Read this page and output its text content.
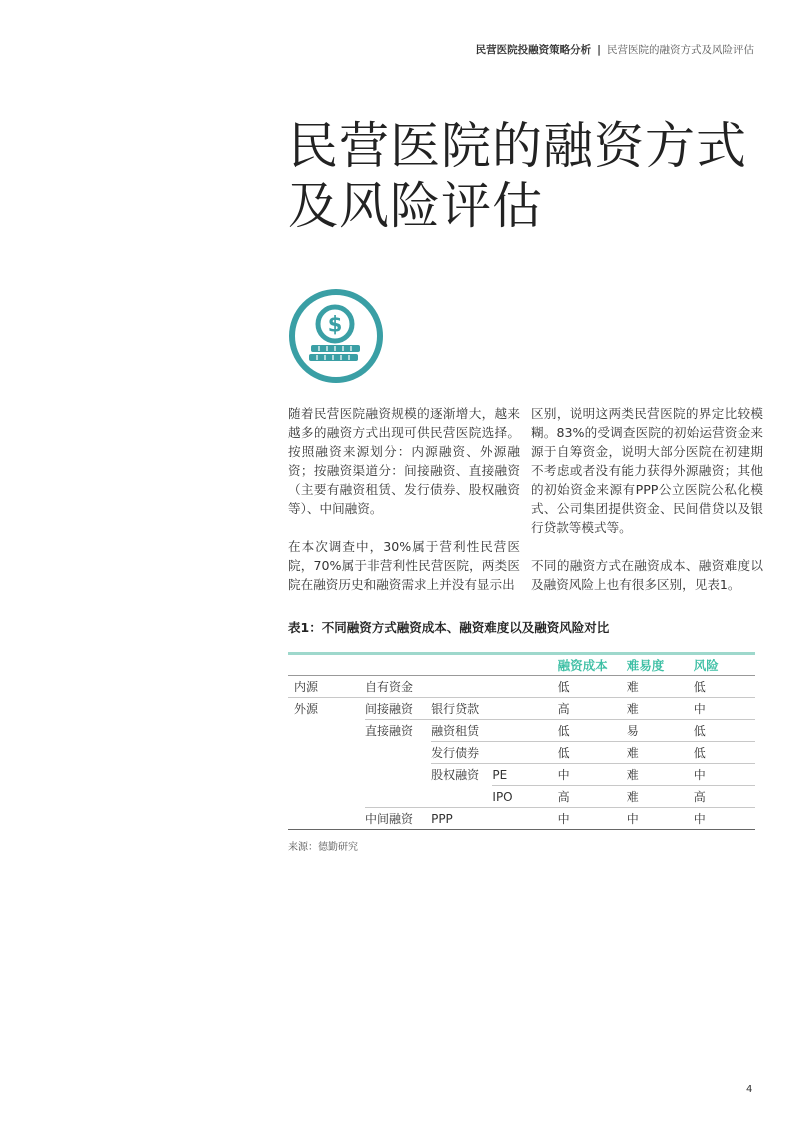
民营医院投融资策略分析 | 民营医院的融资方式及风险评估
民营医院的融资方式
及风险评估
$

随着民营医院融资规模的逐渐增大，越来越多的融资方式出现可供民营医院选择。按照融资来源划分：内源融资、外源融资；按融资渠道分：间接融资、直接融资（主要有融资租赁、发行债券、股权融资等）、中间融资。

在本次调查中，30%属于营利性民营医院，70%属于非营利性民营医院，两类医院在融资历史和融资需求上并没有显示出

区别，说明这两类民营医院的界定比较模糊。83%的受调查医院的初始运营资金来源于自筹资金，说明大部分医院在初建期不考虑或者没有能力获得外源融资；其他的初始资金来源有PPP公立医院公私化模式、公司集团提供资金、民间借贷以及银行贷款等模式等。

不同的融资方式在融资成本、融资难度以及融资风险上也有很多区别，见表1。

表1：不同融资方式融资成本、融资难度以及融资风险对比
				融资成本	难易度	风险
内源	自有资金			低	难	低
外源	间接融资	银行贷款		高	难	中
	直接融资	融资租赁		低	易	低
		发行债券		低	难	低
		股权融资	PE	中	难	中
			IPO	高	难	高
	中间融资	PPP		中	中	中
来源：德勤研究
4
